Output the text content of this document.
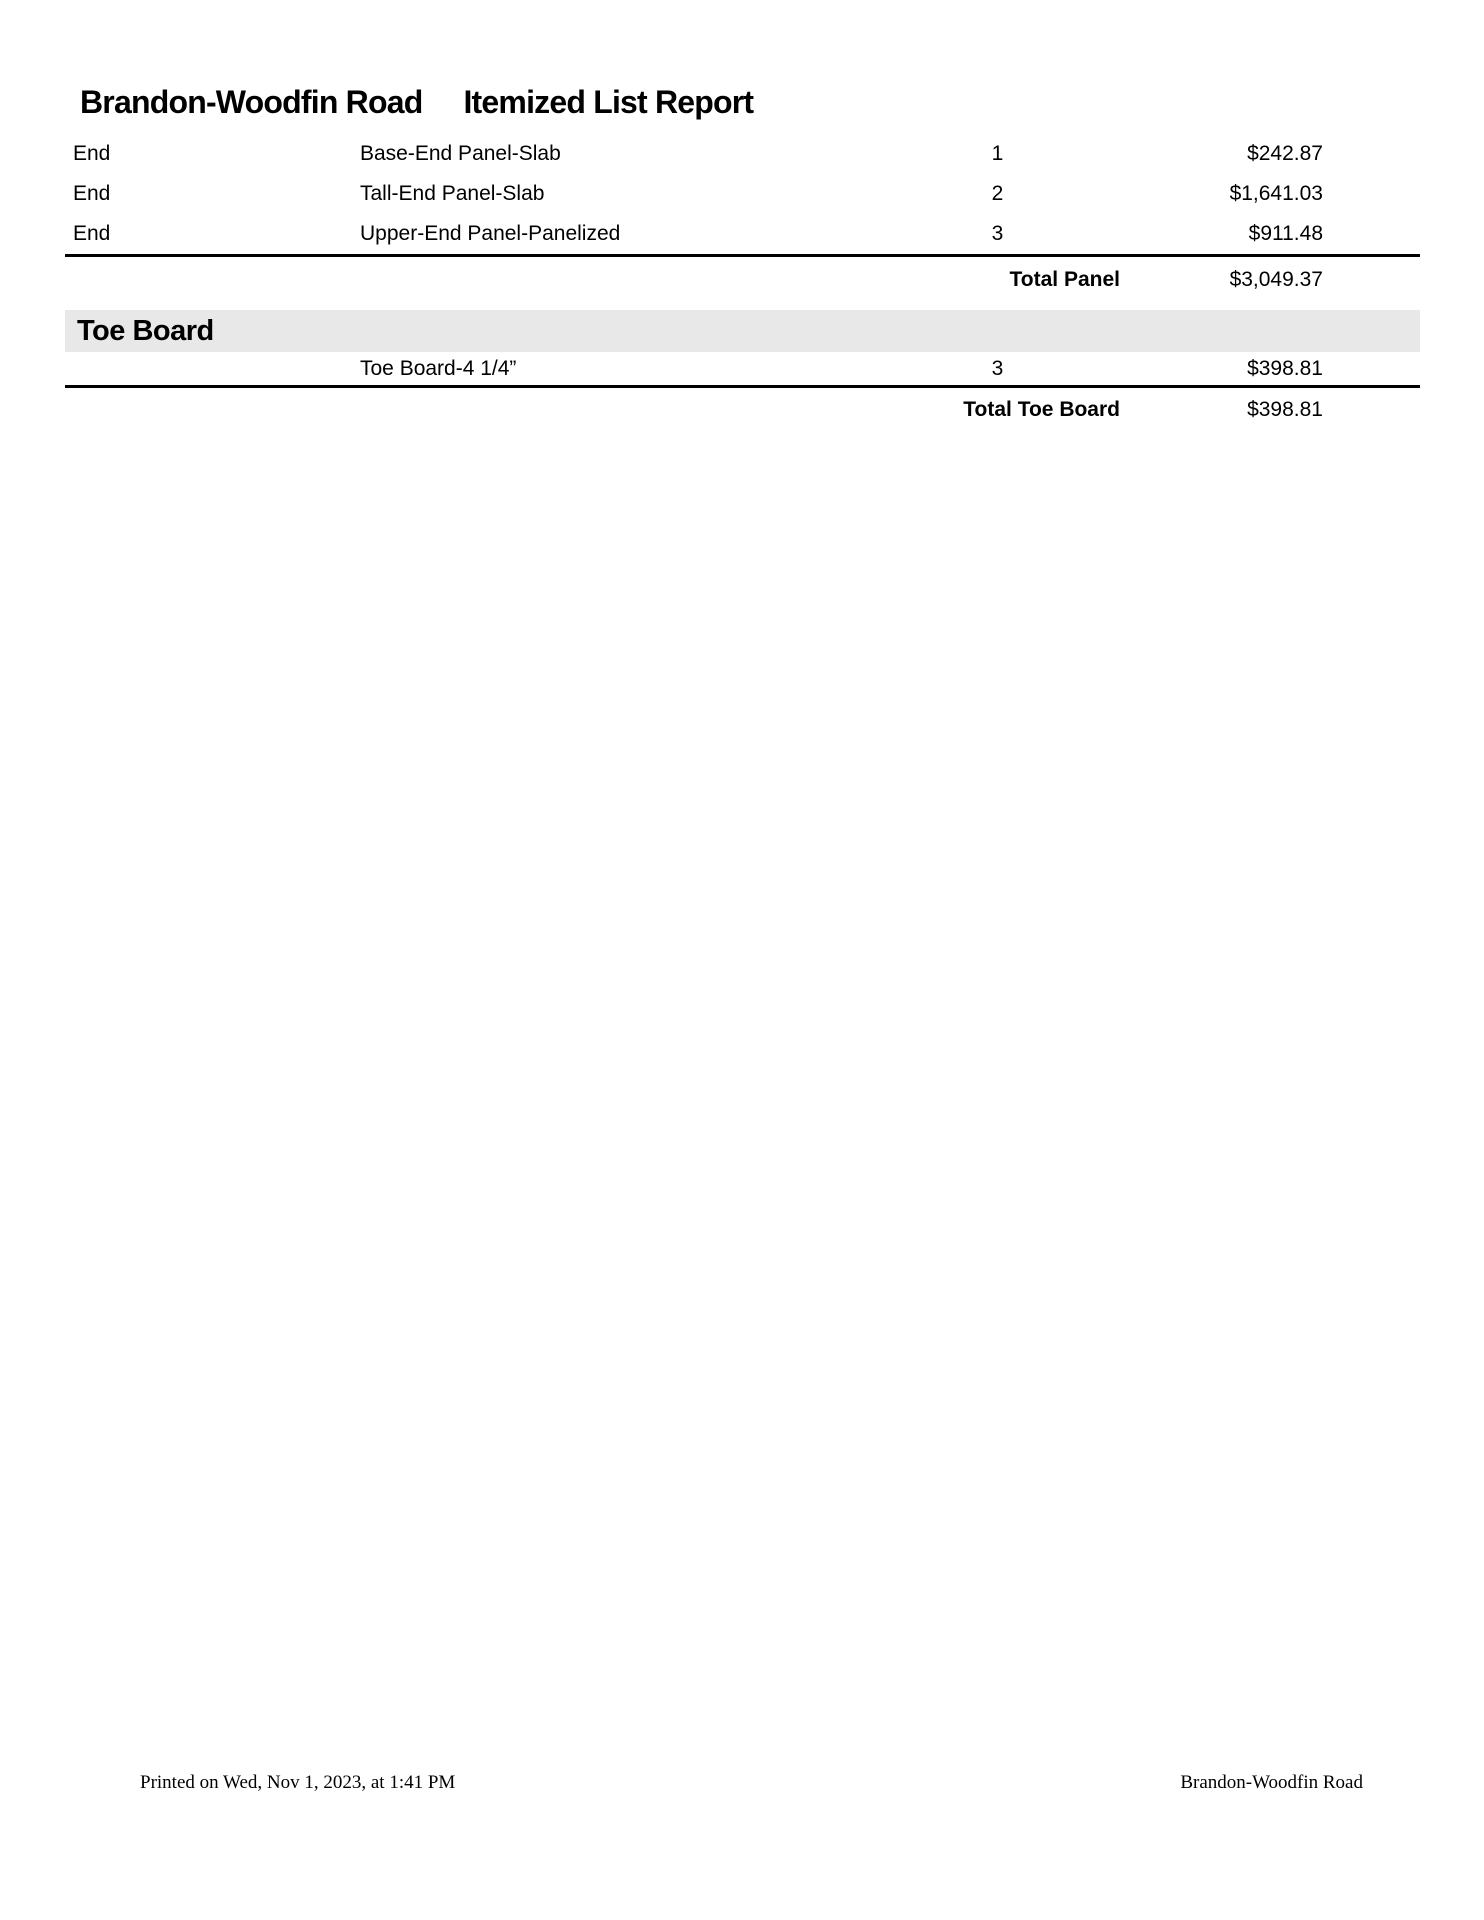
Brandon-Woodfin Road Itemized List Report
End	Base-End Panel-Slab	1	$242.87
End	Tall-End Panel-Slab	2	$1,641.03
End	Upper-End Panel-Panelized	3	$911.48
Total Panel	$3,049.37
Toe Board
Toe Board-4 1/4”	3	$398.81
Total Toe Board	$398.81
Printed on Wed, Nov 1, 2023, at 1:41 PM	Brandon-Woodfin Road
